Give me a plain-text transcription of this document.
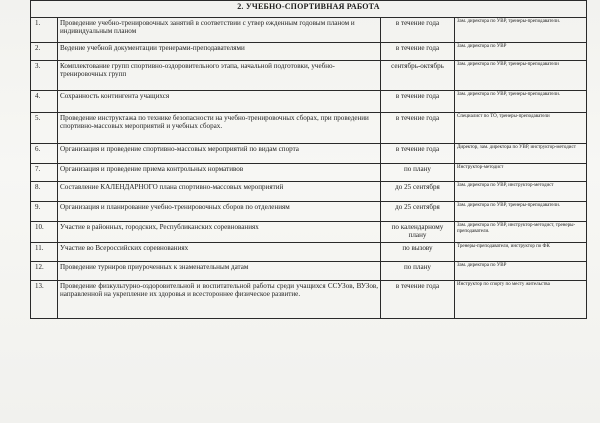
2. УЧЕБНО-СПОРТИВНАЯ РАБОТА			
1.	Проведение учебно-тренировочных занятий в соответствии с утвер ежденным годовым планом и индивидуальным планом	в течение года	Зам. директора по УВР, тренеры-преподаватели.
2.	Ведение учебной документации тренерами-преподавателями	в течение года	Зам. директора по УВР
3.	Комплектование групп спортивно-оздоровительного этапа, начальной подготовки, учебно-тренировочных групп	сентябрь-октябрь	Зам. директора по УВР, тренеры-преподаватели
4.	Сохранность контингента учащихся	в течение года	Зам. директора по УВР, тренеры-преподаватели.
5.	Проведение инструктажа по технике безопасности на учебно-тренировочных сборах, при проведении спортивно-массовых мероприятий и учебных сборах.	в течение года	Специалист по ТО, тренеры-преподаватели
6.	Организация и проведение спортивно-массовых мероприятий по видам спорта	в течение года	Директор, зам. директора по УВР, инструктор-методист
7.	Организация и проведение приема контрольных нормативов	по плану	Инструктор-методист
8.	Составление КАЛЕНДАРНОГО плана спортивно-массовых мероприятий	до 25 сентября	Зам. директора по УВР, инструктор-методист
9.	Организация и планирование учебно-тренировочных сборов по отделениям	до 25 сентября	Зам. директора по УВР, тренеры-преподаватели.
10.	Участие в районных, городских, Республиканских соревнованиях	по календарному плану	Зам. директора по УВР, инструктор-методист, тренеры-преподаватели.
11.	Участие во Всероссийских соревнованиях	по вызову	Тренеры-преподаватели, инструктор по ФК
12.	Проведение турниров приуроченных к знаменательным датам	по плану	Зам. директора по УВР
13.	Проведение физкультурно-оздоровительной и воспитательной работы среди учащихся ССУЗов, ВУЗов, направленной на укрепление их здоровья и всестороннее физическое развитие.	в течение года	Инструктор по спорту по месту жительства
